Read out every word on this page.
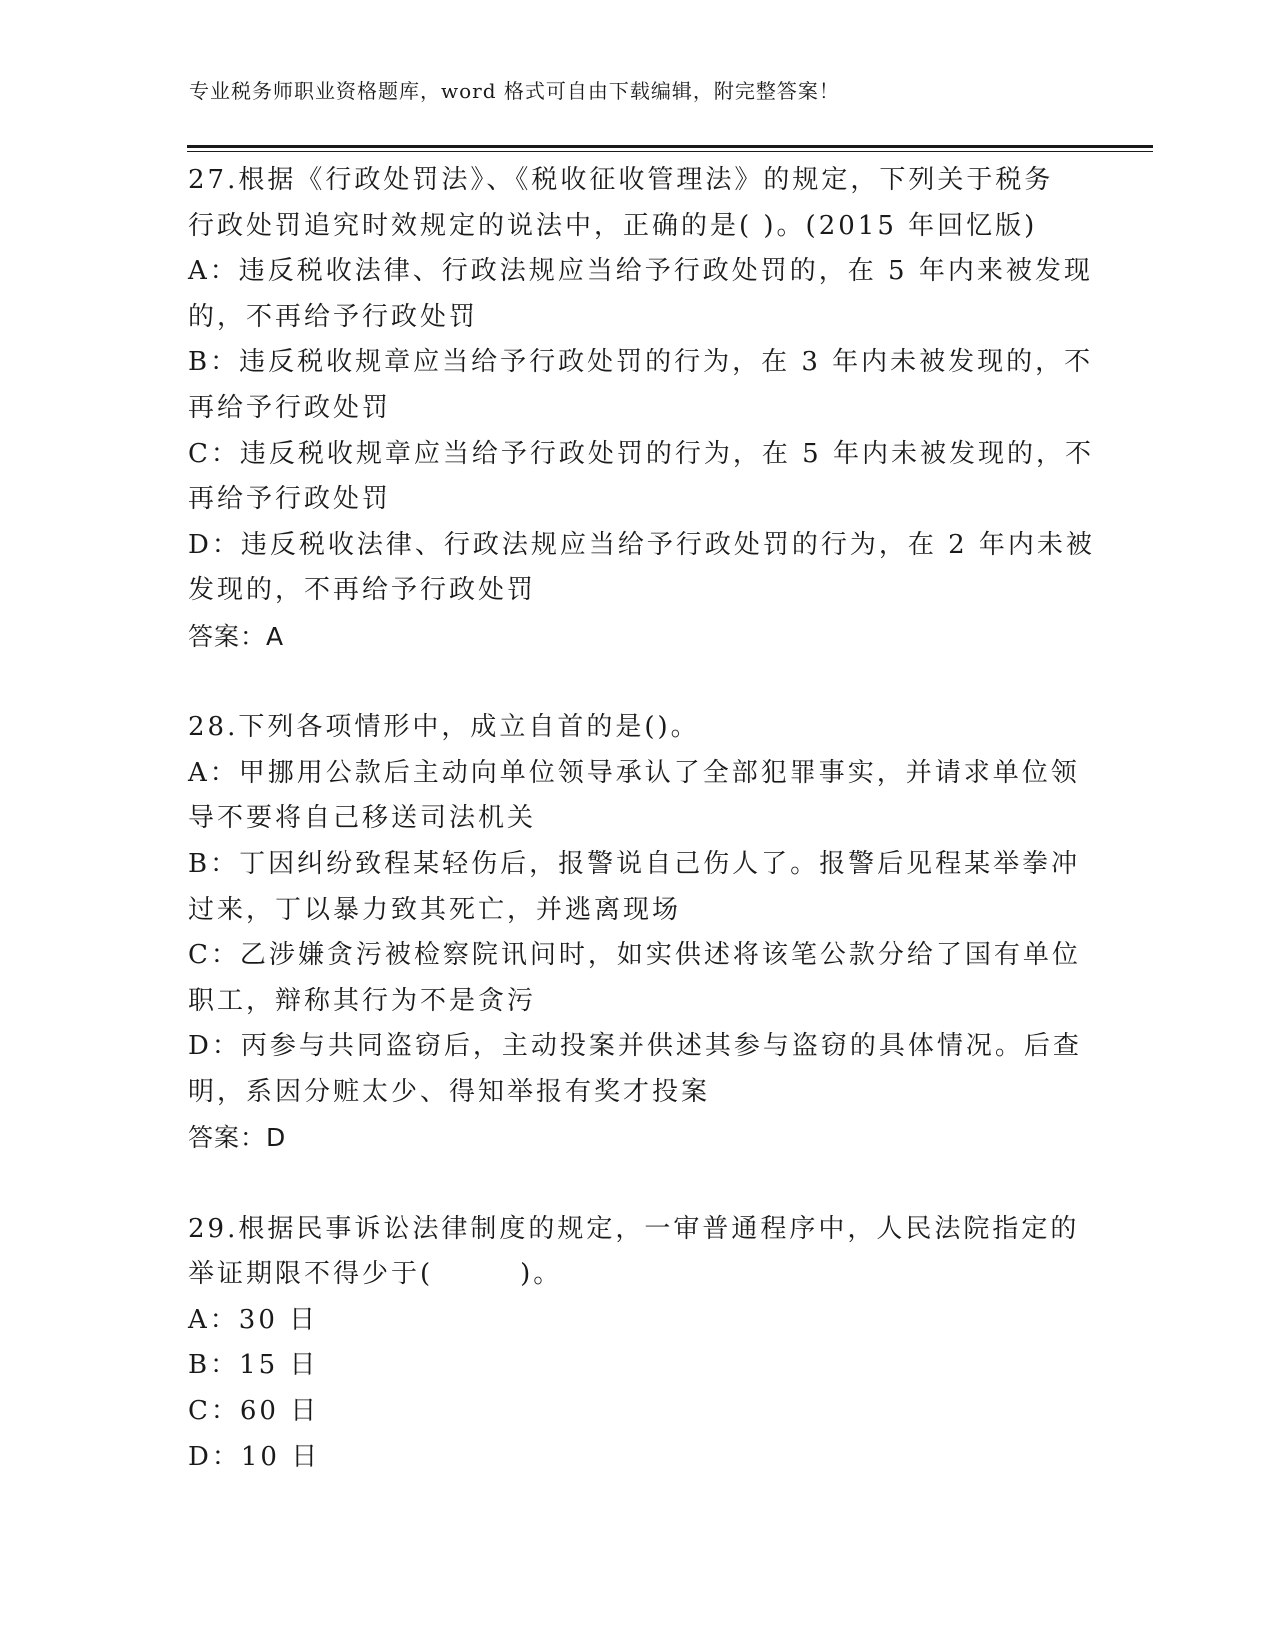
专业税务师职业资格题库，word 格式可自由下载编辑，附完整答案！
27.根据《行政处罚法》、《税收征收管理法》的规定，下列关于税务
行政处罚追究时效规定的说法中，正确的是( )。(2015 年回忆版)
A：违反税收法律、行政法规应当给予行政处罚的，在 5 年内来被发现
的，不再给予行政处罚
B：违反税收规章应当给予行政处罚的行为，在 3 年内未被发现的，不
再给予行政处罚
C：违反税收规章应当给予行政处罚的行为，在 5 年内未被发现的，不
再给予行政处罚
D：违反税收法律、行政法规应当给予行政处罚的行为，在 2 年内未被
发现的，不再给予行政处罚
答案：A
28.下列各项情形中，成立自首的是()。
A：甲挪用公款后主动向单位领导承认了全部犯罪事实，并请求单位领
导不要将自己移送司法机关
B：丁因纠纷致程某轻伤后，报警说自己伤人了。报警后见程某举拳冲
过来，丁以暴力致其死亡，并逃离现场
C：乙涉嫌贪污被检察院讯问时，如实供述将该笔公款分给了国有单位
职工，辩称其行为不是贪污
D：丙参与共同盗窃后，主动投案并供述其参与盗窃的具体情况。后查
明，系因分赃太少、得知举报有奖才投案
答案：D
29.根据民事诉讼法律制度的规定，一审普通程序中，人民法院指定的
举证期限不得少于(　　　)。
A：30 日
B：15 日
C：60 日
D：10 日
